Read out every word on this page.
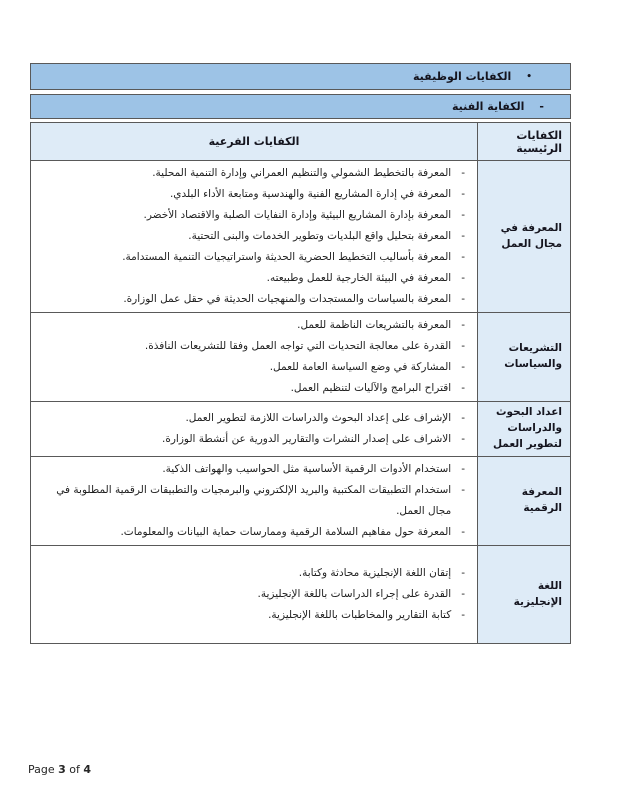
•
الكفايات الوظيفية
-
الكفاية الفنية
الكفايات الرئيسية	الكفايات الفرعية
المعرفة في مجال العمل	
-
المعرفة بالتخطيط الشمولي والتنظيم العمراني وإدارة التنمية المحلية.
-
المعرفة في إدارة المشاريع الفنية والهندسية ومتابعة الأداء البلدي.
-
المعرفة بإدارة المشاريع البيئية وإدارة النفايات الصلبة والاقتصاد الأخضر.
-
المعرفة بتحليل واقع البلديات وتطوير الخدمات والبنى التحتية.
-
المعرفة بأساليب التخطيط الحضرية الحديثة واستراتيجيات التنمية المستدامة.
-
المعرفة في البيئة الخارجية للعمل وطبيعته.
-
المعرفة بالسياسات والمستجدات والمنهجيات الحديثة في حقل عمل الوزارة.

التشريعات والسياسات	
-
المعرفة بالتشريعات الناظمة للعمل.
-
القدرة على معالجة التحديات التي تواجه العمل وفقا للتشريعات النافذة.
-
المشاركة في وضع السياسة العامة للعمل.
-
اقتراح البرامج والآليات لتنظيم العمل.

اعداد البحوث والدراسات لتطوير العمل	-
الإشراف على إعداد البحوث والدراسات اللازمة لتطوير العمل.
-
الاشراف على إصدار النشرات والتقارير الدورية عن أنشطة الوزارة.

المعرفة الرقمية	
-
استخدام الأدوات الرقمية الأساسية مثل الحواسيب والهواتف الذكية.
-
استخدام التطبيقات المكتبية والبريد الإلكتروني والبرمجيات والتطبيقات الرقمية المطلوبة في مجال العمل.
-
المعرفة حول مفاهيم السلامة الرقمية وممارسات حماية البيانات والمعلومات.

اللغة الإنجليزية	
-
إتقان اللغة الإنجليزية محادثة وكتابة.
-
القدرة على إجراء الدراسات باللغة الإنجليزية.
-
كتابة التقارير والمخاطبات باللغة الإنجليزية.
Page 3 of 4
